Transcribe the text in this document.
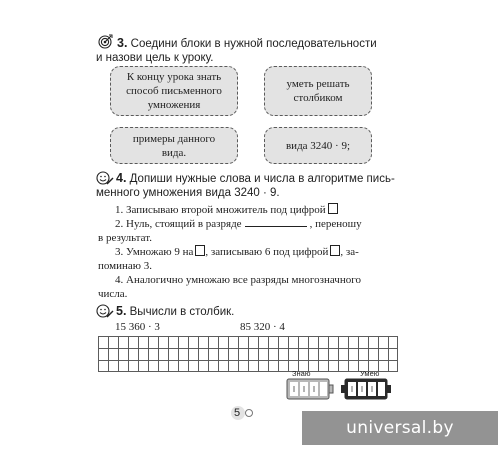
3. Соедини блоки в нужной последовательности
и назови цель к уроку.
К концу урока знать
способ письменного
умножения
уметь решать
столбиком
примеры данного
вида.
вида 3240 · 9;
4. Допиши нужные слова и числа в алгоритме пись-
менного умножения вида 3240 · 9.
1. Записываю второй множитель под цифрой
2. Нуль, стоящий в разряде	, переношу
в результат.
3. Умножаю 9 на , записываю 6 под цифрой , за-
поминаю 3.
4. Аналогично умножаю все разряды многозначного
числа.
5. Вычисли в столбик.
15 360 · 3	85 320 · 4
Знаю	Умею
5
universal.by
